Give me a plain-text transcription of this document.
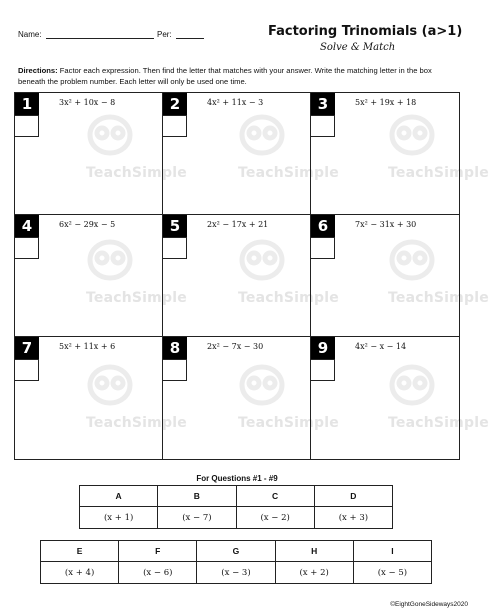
TeachSimple	TeachSimple	TeachSimple
TeachSimple	TeachSimple	TeachSimple
TeachSimple	TeachSimple	TeachSimple
Name:	Per:	Factoring Trinomials (a>1)
Solve & Match
Directions: Factor each expression. Then find the letter that matches with your answer. Write the matching letter in the box beneath the problem number. Each letter will only be used one time.
1	3x² + 10x − 8	2	4x² + 11x − 3	3	5x² + 19x + 18
4	6x² − 29x − 5	5	2x² − 17x + 21	6	7x² − 31x + 30
7	5x² + 11x + 6	8	2x² − 7x − 30	9	4x² − x − 14
For Questions #1 - #9
A	B	C	D
(x + 1)	(x − 7)	(x − 2)	(x + 3)
E	F	G	H	I
(x + 4)	(x − 6)	(x − 3)	(x + 2)	(x − 5)
©EightGoneSideways2020
